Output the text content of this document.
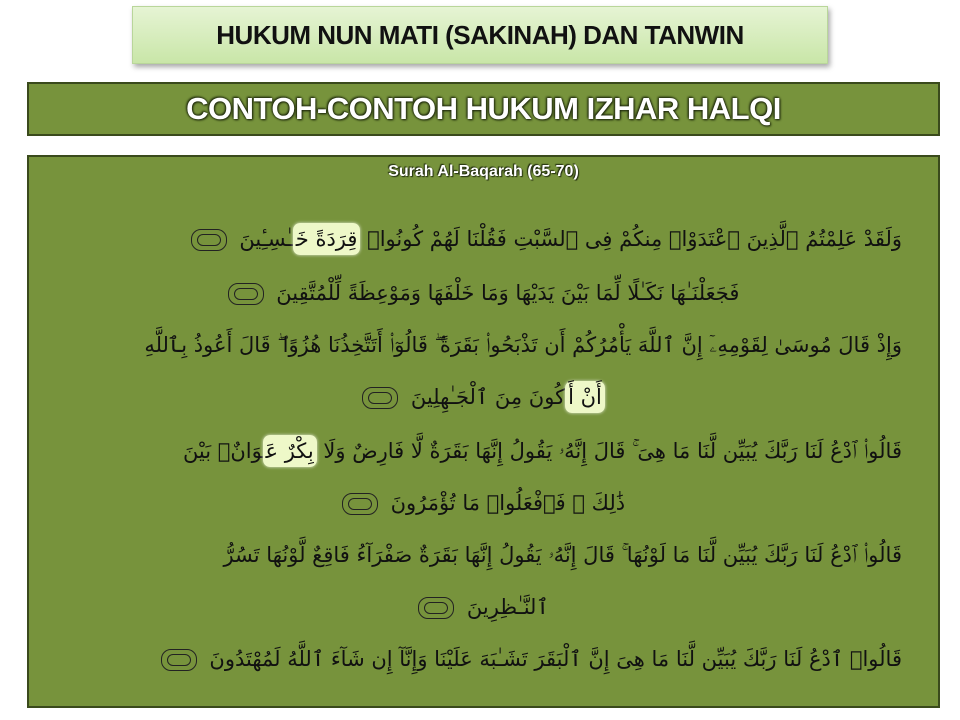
HUKUM NUN MATI (SAKINAH) DAN TANWIN
CONTOH-CONTOH HUKUM IZHAR HALQI
Surah Al-Baqarah (65-70)
وَلَقَدْ عَلِمْتُمُ ٱلَّذِينَ ٱعْتَدَوْا۟ مِنكُمْ فِى ٱلسَّبْتِ فَقُلْنَا لَهُمْ كُونُوا۟ قِرَدَةً خَـٰسِـِٔينَ
فَجَعَلْنَـٰهَا نَكَـٰلًا لِّمَا بَيْنَ يَدَيْهَا وَمَا خَلْفَهَا وَمَوْعِظَةً لِّلْمُتَّقِينَ
وَإِذْ قَالَ مُوسَىٰ لِقَوْمِهِۦٓ إِنَّ ٱللَّهَ يَأْمُرُكُمْ أَن تَذْبَحُوا۟ بَقَرَةً ۖ قَالُوٓا۟ أَتَتَّخِذُنَا هُزُوًا ۖ قَالَ أَعُوذُ بِٱللَّهِ
أَنْ أَكُونَ مِنَ ٱلْجَـٰهِلِينَ
قَالُوا۟ ٱدْعُ لَنَا رَبَّكَ يُبَيِّن لَّنَا مَا هِىَ ۚ قَالَ إِنَّهُۥ يَقُولُ إِنَّهَا بَقَرَةٌ لَّا فَارِضٌ وَلَا بِكْرٌ عَوَانٌۢ بَيْنَ
ذَٰلِكَ ۖ فَٱفْعَلُوا۟ مَا تُؤْمَرُونَ
قَالُوا۟ ٱدْعُ لَنَا رَبَّكَ يُبَيِّن لَّنَا مَا لَوْنُهَا ۚ قَالَ إِنَّهُۥ يَقُولُ إِنَّهَا بَقَرَةٌ صَفْرَآءُ فَاقِعٌ لَّوْنُهَا تَسُرُّ
ٱلنَّـٰظِرِينَ
قَالُوا۟ ٱدْعُ لَنَا رَبَّكَ يُبَيِّن لَّنَا مَا هِىَ إِنَّ ٱلْبَقَرَ تَشَـٰبَهَ عَلَيْنَا وَإِنَّآ إِن شَآءَ ٱللَّهُ لَمُهْتَدُونَ
